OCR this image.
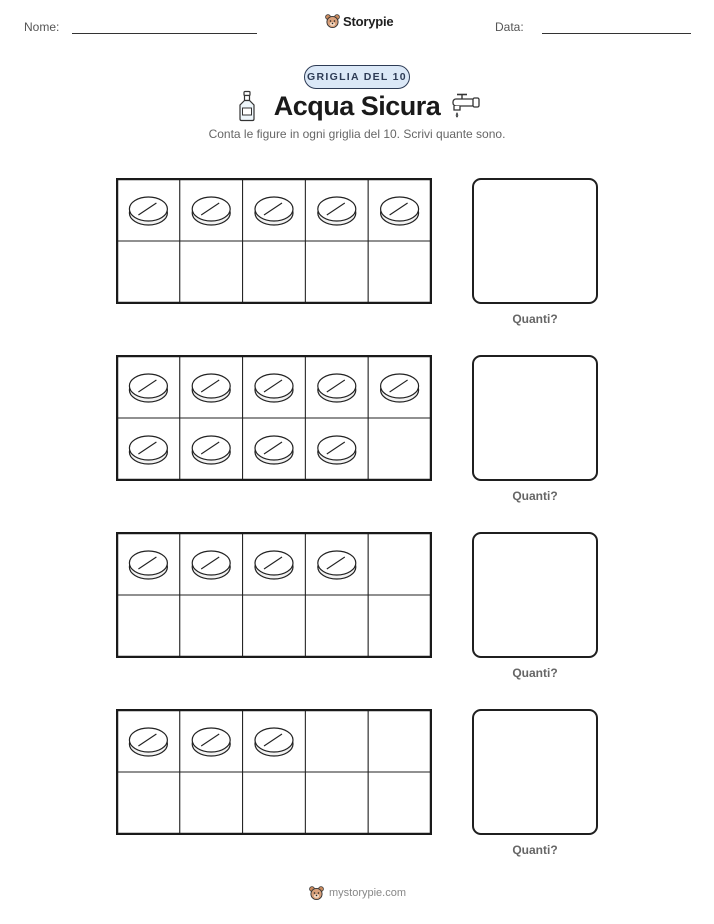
Nome:	Storypie	Data:
GRIGLIA DEL 10
Acqua Sicura
Conta le figure in ogni griglia del 10. Scrivi quante sono.
Quanti?
Quanti?
Quanti?
Quanti?
mystorypie.com
